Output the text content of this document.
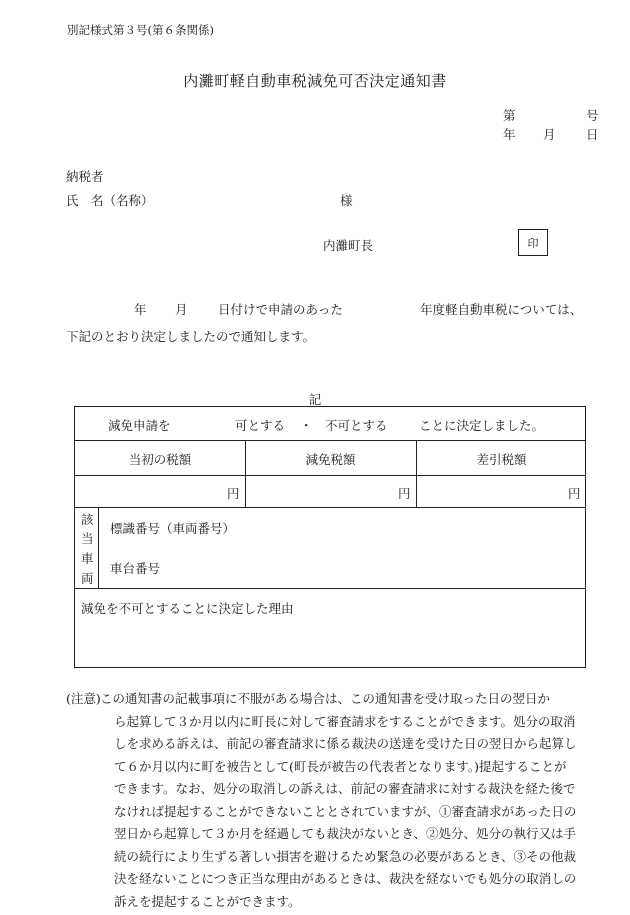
別記様式第３号(第６条関係)
内灘町軽自動車税減免可否決定通知書
第	号
年 月 日
納税者
氏　名（名称）	様
内灘町長	印
年 月 日付けで申請のあった	年度軽自動車税については、
下記のとおり決定しましたので通知します。
記
減免申請を	可とする ・ 不可とする	ことに決定しました。
当初の税額	減免税額	差引税額
円	円	円
該
当
車
両
標識番号（車両番号）
車台番号
減免を不可とすることに決定した理由
(注意) この通知書の記載事項に不服がある場合は、この通知書を受け取った日の翌日か
ら起算して３か月以内に町長に対して審査請求をすることができます。処分の取消
しを求める訴えは、前記の審査請求に係る裁決の送達を受けた日の翌日から起算し
て６か月以内に町を被告として(町長が被告の代表者となります。)提起することが
できます。なお、処分の取消しの訴えは、前記の審査請求に対する裁決を経た後で
なければ提起することができないこととされていますが、①審査請求があった日の
翌日から起算して３か月を経過しても裁決がないとき、②処分、処分の執行又は手
続の続行により生ずる著しい損害を避けるため緊急の必要があるとき、③その他裁
決を経ないことにつき正当な理由があるときは、裁決を経ないでも処分の取消しの
訴えを提起することができます。
